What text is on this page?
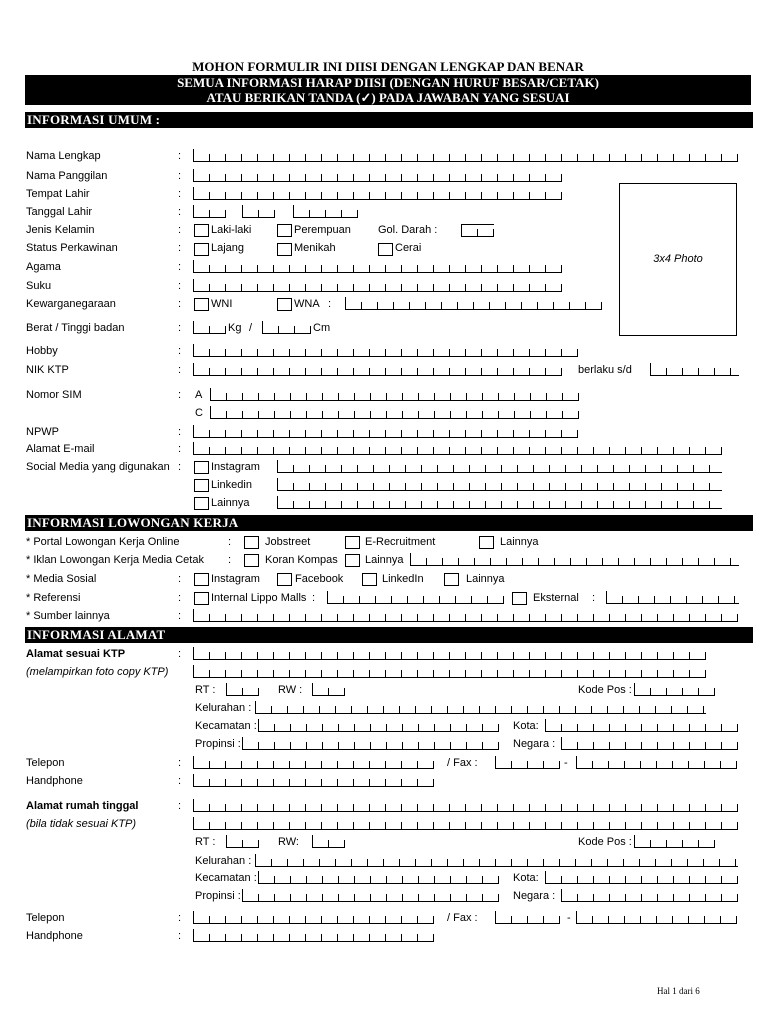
MOHON FORMULIR INI DIISI DENGAN LENGKAP DAN BENAR
SEMUA INFORMASI HARAP DIISI (DENGAN HURUF BESAR/CETAK)
ATAU BERIKAN TANDA (✓) PADA JAWABAN YANG SESUAI
INFORMASI UMUM :
3x4 Photo
Nama Lengkap	:
Nama Panggilan	:
Tempat Lahir	:
Tanggal Lahir	:
Jenis Kelamin	:	Laki-laki	Perempuan Gol. Darah :
Status Perkawinan	:	Lajang	Menikah	Cerai
Agama	:
Suku	:
Kewarganegaraan	:	WNI	WNA :
Berat / Tinggi badan	:	Kg /	Cm
Hobby	:
NIK KTP	:	berlaku s/d
Nomor SIM	: A
C
NPWP	:
Alamat E-mail	:
Social Media yang digunakan :	Instagram
Linkedin
Lainnya
INFORMASI LOWONGAN KERJA
* Portal Lowongan Kerja Online	:	Jobstreet	E-Recruitment	Lainnya
* Iklan Lowongan Kerja Media Cetak :	Koran Kompas Lainnya
* Media Sosial	:	Instagram	Facebook	LinkedIn	Lainnya
* Referensi	:	Internal Lippo Malls :	Eksternal :
* Sumber lainnya	:
INFORMASI ALAMAT
Alamat sesuai KTP	:
(melampirkan foto copy KTP)
RT :	RW :	Kode Pos :
Kelurahan :
Kecamatan :	Kota:
Propinsi :	Negara :
Telepon	:	/ Fax :	-
Handphone	:
Alamat rumah tinggal	:
(bila tidak sesuai KTP)
RT :	RW:	Kode Pos :
Kelurahan :
Kecamatan :	Kota:
Propinsi :	Negara :
Telepon	:	/ Fax :	-
Handphone	:
Hal 1 dari 6
